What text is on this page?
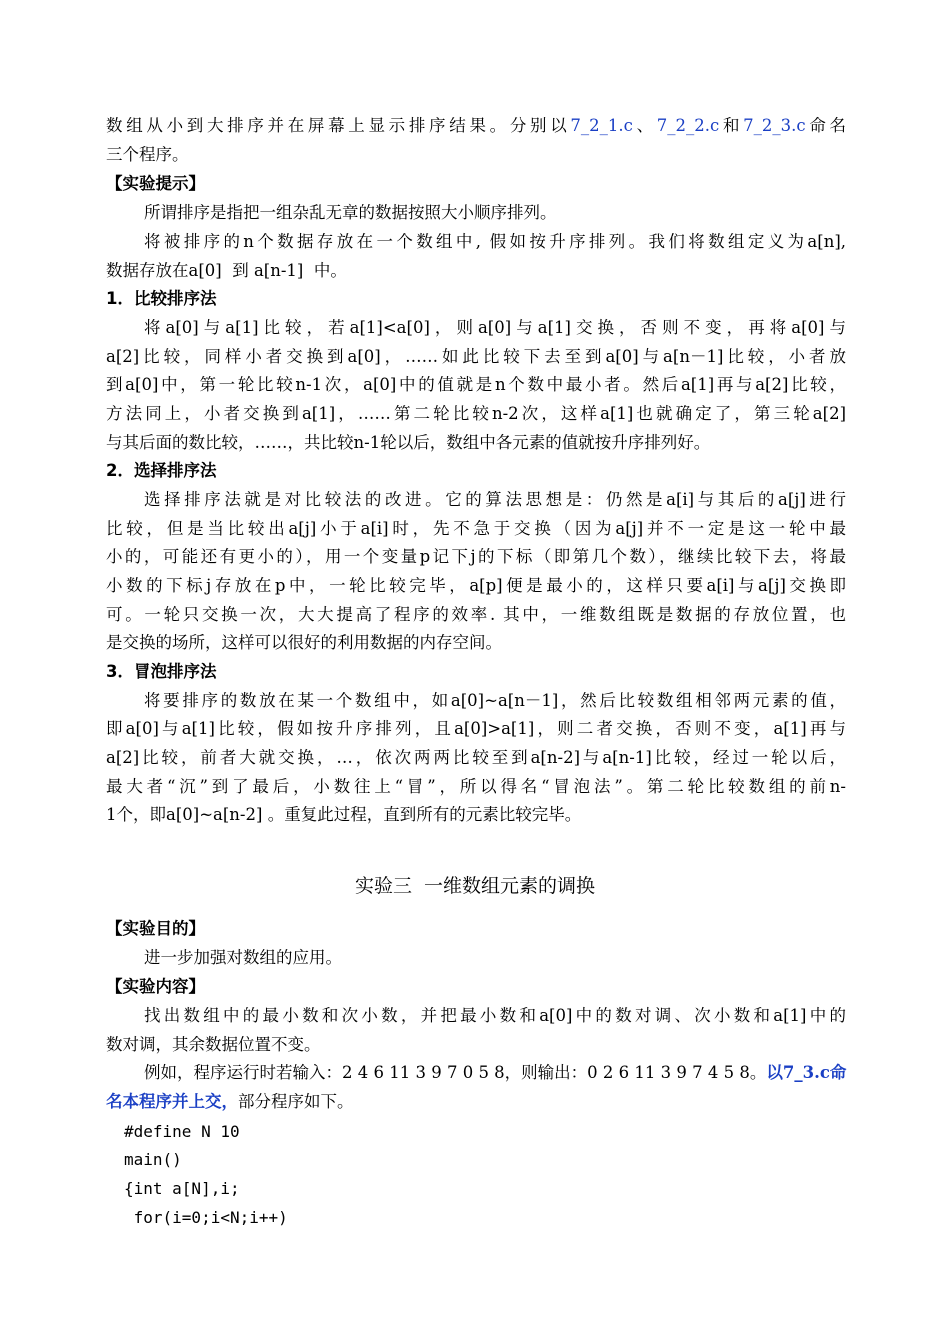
数组从小到大排序并在屏幕上显示排序结果。分别以7_2_1.c、7_2_2.c和7_2_3.c命名
三个程序。
【实验提示】
所谓排序是指把一组杂乱无章的数据按照大小顺序排列。
将被排序的n个数据存放在一个数组中, 假如按升序排列。我们将数组定义为a[n],
数据存放在a[0]  到 a[n-1]  中。
1．比较排序法
将a[0]与a[1]比较，若a[1]<a[0]，则a[0]与a[1]交换，否则不变，再将a[0]与
a[2]比较，同样小者交换到a[0]，……如此比较下去至到a[0]与a[n－1]比较，小者放
到a[0]中，第一轮比较n-1次，a[0]中的值就是n个数中最小者。然后a[1]再与a[2]比较，
方法同上，小者交换到a[1]，……第二轮比较n-2次，这样a[1]也就确定了，第三轮a[2]
与其后面的数比较，……，共比较n-1轮以后，数组中各元素的值就按升序排列好。
2．选择排序法
选择排序法就是对比较法的改进。它的算法思想是：仍然是a[i]与其后的a[j]进行
比较，但是当比较出a[j]小于a[i]时，先不急于交换（因为a[j]并不一定是这一轮中最
小的，可能还有更小的），用一个变量p记下j的下标（即第几个数），继续比较下去，将最
小数的下标j存放在p中，一轮比较完毕，a[p]便是最小的，这样只要a[i]与a[j]交换即
可。一轮只交换一次，大大提高了程序的效率. 其中，一维数组既是数据的存放位置，也
是交换的场所，这样可以很好的利用数据的内存空间。
3．冒泡排序法
将要排序的数放在某一个数组中，如a[0]~a[n－1]，然后比较数组相邻两元素的值，
即a[0]与a[1]比较，假如按升序排列，且a[0]>a[1]，则二者交换，否则不变，a[1]再与
a[2]比较，前者大就交换，…，依次两两比较至到a[n-2]与a[n-1]比较，经过一轮以后，
最大者“沉”到了最后，小数往上“冒”，所以得名“冒泡法”。第二轮比较数组的前n-
1个，即a[0]~a[n-2] 。重复此过程，直到所有的元素比较完毕。
实验三  一维数组元素的调换
【实验目的】
进一步加强对数组的应用。
【实验内容】
找出数组中的最小数和次小数，并把最小数和a[0]中的数对调、次小数和a[1]中的
数对调，其余数据位置不变。
例如，程序运行时若输入：2 4 6 11 3 9 7 0 5 8，则输出：0 2 6 11 3 9 7 4 5 8。以7_3.c命
名本程序并上交，部分程序如下。
#define N 10
main()
{int a[N],i;
for(i=0;i<N;i++)
